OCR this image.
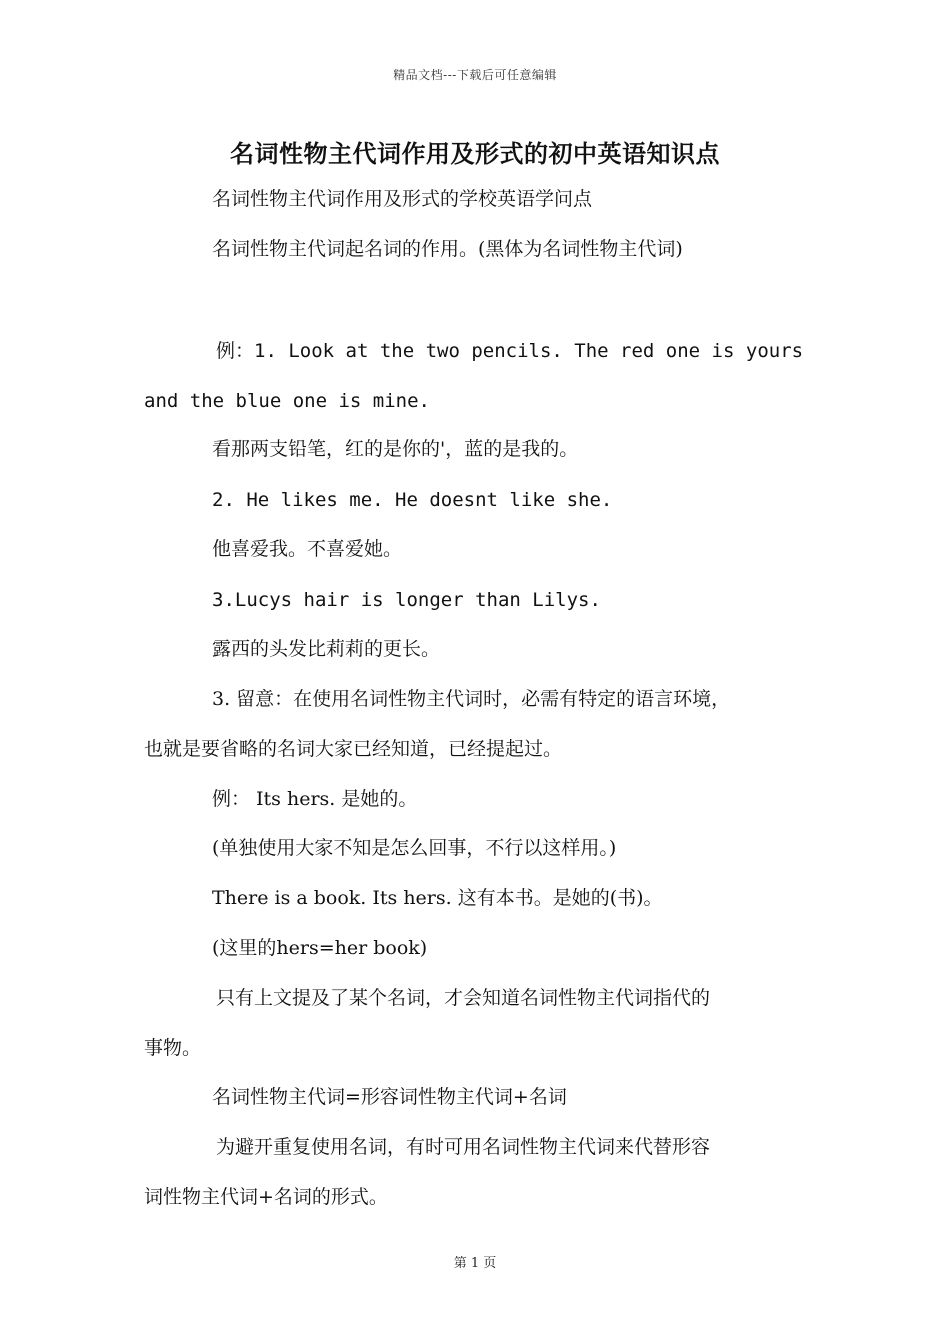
精品文档---下载后可任意编辑
名词性物主代词作用及形式的初中英语知识点
名词性物主代词作用及形式的学校英语学问点
名词性物主代词起名词的作用。(黑体为名词性物主代词)
例：1. Look at the two pencils. The red one is yours
and the blue one is mine.
看那两支铅笔，红的是你的'，蓝的是我的。
2. He likes me. He doesnt like she.
他喜爱我。不喜爱她。
3.Lucys hair is longer than Lilys.
露西的头发比莉莉的更长。
3. 留意：在使用名词性物主代词时，必需有特定的语言环境，
也就是要省略的名词大家已经知道，已经提起过。
例： Its hers. 是她的。
(单独使用大家不知是怎么回事，不行以这样用。)
There is a book. Its hers. 这有本书。是她的(书)。
(这里的hers=her book)
只有上文提及了某个名词，才会知道名词性物主代词指代的
事物。
名词性物主代词=形容词性物主代词+名词
为避开重复使用名词，有时可用名词性物主代词来代替形容
词性物主代词+名词的形式。
第 1 页
